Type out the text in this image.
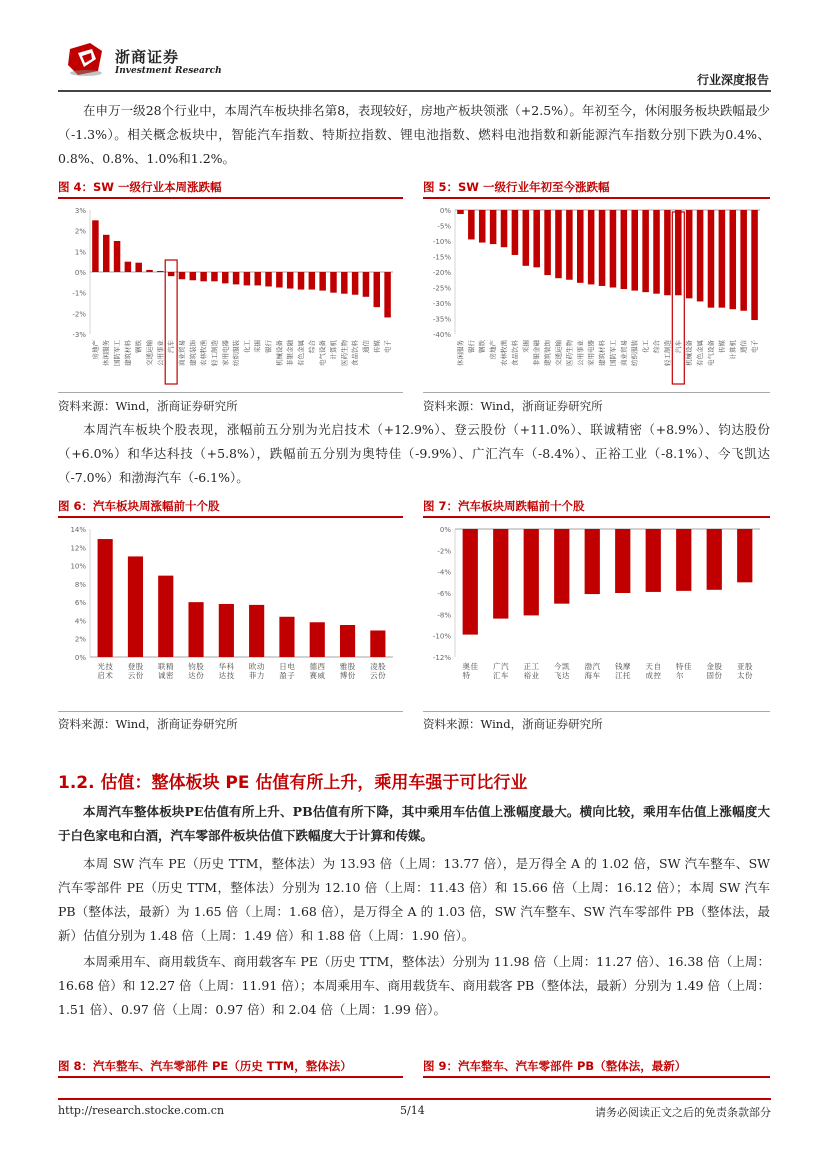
浙商证券
Investment Research
行业深度报告

在申万一级28个行业中，本周汽车板块排名第8，表现较好，房地产板块领涨（+2.5%）。年初至今，休闲服务板块跌幅最少（-1.3%）。相关概念板块中，智能汽车指数、特斯拉指数、锂电池指数、燃料电池指数和新能源汽车指数分别下跌为0.4%、0.8%、0.8%、1.0%和1.2%。

图 4：SW 一级行业本周涨跌幅	图 5：SW 一级行业年初至今涨跌幅
3%
2%
1%
0%
-1%
-2%
-3%
房地产 休闲服务 国防军工 建筑材料 钢铁 交通运输 公用事业 汽车 商业贸易 建筑装饰 农林牧渔 轻工制造 家用电器 纺织服装 化工 采掘 银行 机械设备 非银金融 有色金属 综合 电气设备 计算机 医药生物 食品饮料 通信 传媒 电子
0%
-5%
-10%
-15%
-20%
-25%
-30%
-35%
-40%
休闲服务 银行 钢铁 房地产 农林牧渔 食品饮料 采掘 非银金融 建筑装饰 交通运输 医药生物 公用事业 家用电器 建筑材料 国防军工 商业贸易 纺织服装 化工 综合 轻工制造 汽车 机械设备 有色金属 电气设备 传媒 计算机 通信 电子
资料来源：Wind，浙商证券研究所	资料来源：Wind，浙商证券研究所

本周汽车板块个股表现，涨幅前五分别为光启技术（+12.9%）、登云股份（+11.0%）、联诚精密（+8.9%）、钧达股份（+6.0%）和华达科技（+5.8%），跌幅前五分别为奥特佳（-9.9%）、广汇汽车（-8.4%）、正裕工业（-8.1%）、今飞凯达（-7.0%）和渤海汽车（-6.1%）。

图 6：汽车板块周涨幅前十个股	图 7：汽车板块周跌幅前十个股
14%
12%
10%
8%
6%
4%
2%
0%
光
启
技
术
登
云
股
份
联
诚
精
密
钧
达
股
份
华
达
科
技
欧
菲
动
力
日
盈
电
子
德
赛
西
威
雅
博
股
份
凌
云
股
份
0%
-2%
-4%
-6%
-8%
-10%
-12%
奥
特
佳 广
汇
汽
车
正
裕
工
业
今
飞
凯
达
渤
海
汽
车
钱
江
摩
托
天
成
自
控
特
尔
佳 金
固
股
份
亚
太
股
份
资料来源：Wind，浙商证券研究所	资料来源：Wind，浙商证券研究所
1.2. 估值：整体板块 PE 估值有所上升，乘用车强于可比行业

本周汽车整体板块PE估值有所上升、PB估值有所下降，其中乘用车估值上涨幅度最大。横向比较，乘用车估值上涨幅度大于白色家电和白酒，汽车零部件板块估值下跌幅度大于计算和传媒。

本周 SW 汽车 PE（历史 TTM，整体法）为 13.93 倍（上周：13.77 倍），是万得全 A 的 1.02 倍，SW 汽车整车、SW 汽车零部件 PE（历史 TTM，整体法）分别为 12.10 倍（上周：11.43 倍）和 15.66 倍（上周：16.12 倍）；本周 SW 汽车 PB（整体法，最新）为 1.65 倍（上周：1.68 倍），是万得全 A 的 1.03 倍，SW 汽车整车、SW 汽车零部件 PB（整体法，最新）估值分别为 1.48 倍（上周：1.49 倍）和 1.88 倍（上周：1.90 倍）。

本周乘用车、商用载货车、商用载客车 PE（历史 TTM，整体法）分别为 11.98 倍（上周：11.27 倍）、16.38 倍（上周：16.68 倍）和 12.27 倍（上周：11.91 倍）；本周乘用车、商用载货车、商用载客 PB（整体法，最新）分别为 1.49 倍（上周：1.51 倍）、0.97 倍（上周：0.97 倍）和 2.04 倍（上周：1.99 倍）。

图 8：汽车整车、汽车零部件 PE（历史 TTM，整体法）	图 9：汽车整车、汽车零部件 PB（整体法，最新）
http://research.stocke.com.cn	5/14	请务必阅读正文之后的免责条款部分
